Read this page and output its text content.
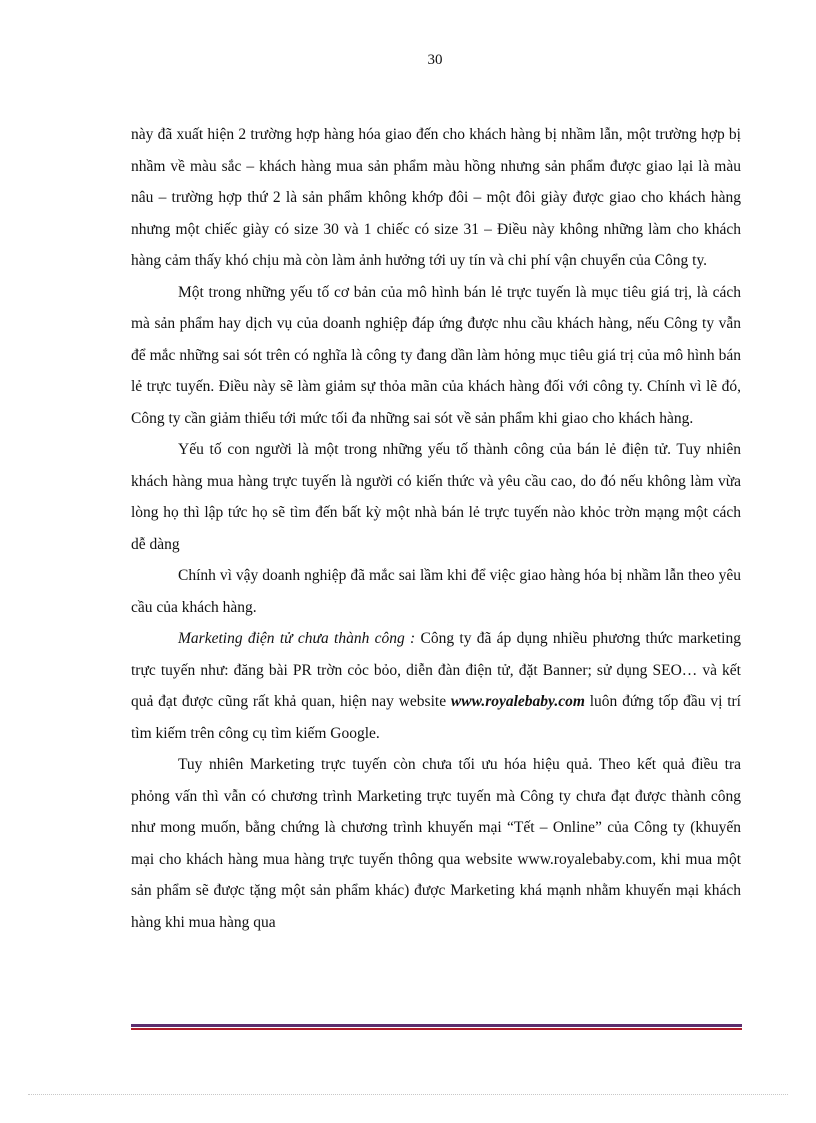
30

này đã xuất hiện 2 trường hợp hàng hóa giao đến cho khách hàng bị nhầm lẫn, một trường hợp bị nhầm về màu sắc – khách hàng mua sản phẩm màu hồng nhưng sản phẩm được giao lại là màu nâu – trường hợp thứ 2 là sản phẩm không khớp đôi – một đôi giày được giao cho khách hàng nhưng một chiếc giày có size 30 và 1 chiếc có size 31 – Điều này không những làm cho khách hàng cảm thấy khó chịu mà còn làm ảnh hưởng tới uy tín và chi phí vận chuyển của Công ty.

Một trong những yếu tố cơ bản của mô hình bán lẻ trực tuyến là mục tiêu giá trị, là cách mà sản phẩm hay dịch vụ của doanh nghiệp đáp ứng được nhu cầu khách hàng, nếu Công ty vẫn để mắc những sai sót trên có nghĩa là công ty đang dần làm hỏng mục tiêu giá trị của mô hình bán lẻ trực tuyến. Điều này sẽ làm giảm sự thỏa mãn của khách hàng đối với công ty. Chính vì lẽ đó, Công ty cần giảm thiểu tới mức tối đa những sai sót về sản phẩm khi giao cho khách hàng.

Yếu tố con người là một trong những yếu tố thành công của bán lẻ điện tử. Tuy nhiên khách hàng mua hàng trực tuyến là người có kiến thức và yêu cầu cao, do đó nếu không làm vừa lòng họ thì lập tức họ sẽ tìm đến bất kỳ một nhà bán lẻ trực tuyến nào khỏc trờn mạng một cách dễ dàng

Chính vì vậy doanh nghiệp đã mắc sai lầm khi để việc giao hàng hóa bị nhầm lẫn theo yêu cầu của khách hàng.

Marketing điện tử chưa thành công : Công ty đã áp dụng nhiều phương thức marketing trực tuyến như: đăng bài PR trờn cỏc bỏo, diễn đàn điện tử, đặt Banner; sử dụng SEO… và kết quả đạt được cũng rất khả quan, hiện nay website www.royalebaby.com luôn đứng tốp đầu vị trí tìm kiếm trên công cụ tìm kiếm Google.

Tuy nhiên Marketing trực tuyến còn chưa tối ưu hóa hiệu quả. Theo kết quả điều tra phỏng vấn thì vẫn có chương trình Marketing trực tuyến mà Công ty chưa đạt được thành công như mong muốn, bằng chứng là chương trình khuyến mại “Tết – Online” của Công ty (khuyến mại cho khách hàng mua hàng trực tuyến thông qua website www.royalebaby.com, khi mua một sản phẩm sẽ được tặng một sản phẩm khác) được Marketing khá mạnh nhằm khuyến mại khách hàng khi mua hàng qua
